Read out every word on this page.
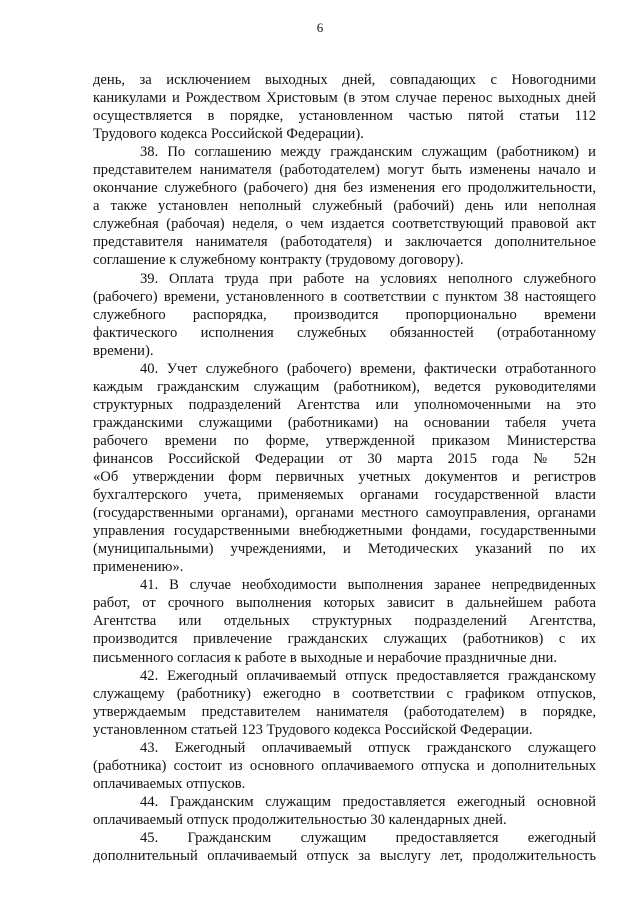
6
день, за исключением выходных дней, совпадающих с Новогодними
каникулами и Рождеством Христовым (в этом случае перенос выходных дней
осуществляется в порядке, установленном частью пятой статьи 112
Трудового кодекса Российской Федерации).
38. По соглашению между гражданским служащим (работником) и
представителем нанимателя (работодателем) могут быть изменены начало и
окончание служебного (рабочего) дня без изменения его продолжительности,
а также установлен неполный служебный (рабочий) день или неполная
служебная (рабочая) неделя, о чем издается соответствующий правовой акт
представителя нанимателя (работодателя) и заключается дополнительное
соглашение к служебному контракту (трудовому договору).
39. Оплата труда при работе на условиях неполного служебного
(рабочего) времени, установленного в соответствии с пунктом 38 настоящего
служебного распорядка, производится пропорционально времени
фактического исполнения служебных обязанностей (отработанному
времени).
40. Учет служебного (рабочего) времени, фактически отработанного
каждым гражданским служащим (работником), ведется руководителями
структурных подразделений Агентства или уполномоченными на это
гражданскими служащими (работниками) на основании табеля учета
рабочего времени по форме, утвержденной приказом Министерства
финансов Российской Федерации от 30 марта 2015 года № 52н
«Об утверждении форм первичных учетных документов и регистров
бухгалтерского учета, применяемых органами государственной власти
(государственными органами), органами местного самоуправления, органами
управления государственными внебюджетными фондами, государственными
(муниципальными) учреждениями, и Методических указаний по их
применению».
41. В случае необходимости выполнения заранее непредвиденных
работ, от срочного выполнения которых зависит в дальнейшем работа
Агентства или отдельных структурных подразделений Агентства,
производится привлечение гражданских служащих (работников) с их
письменного согласия к работе в выходные и нерабочие праздничные дни.
42. Ежегодный оплачиваемый отпуск предоставляется гражданскому
служащему (работнику) ежегодно в соответствии с графиком отпусков,
утверждаемым представителем нанимателя (работодателем) в порядке,
установленном статьей 123 Трудового кодекса Российской Федерации.
43. Ежегодный оплачиваемый отпуск гражданского служащего
(работника) состоит из основного оплачиваемого отпуска и дополнительных
оплачиваемых отпусков.
44. Гражданским служащим предоставляется ежегодный основной
оплачиваемый отпуск продолжительностью 30 календарных дней.
45. Гражданским служащим предоставляется ежегодный
дополнительный оплачиваемый отпуск за выслугу лет, продолжительность
